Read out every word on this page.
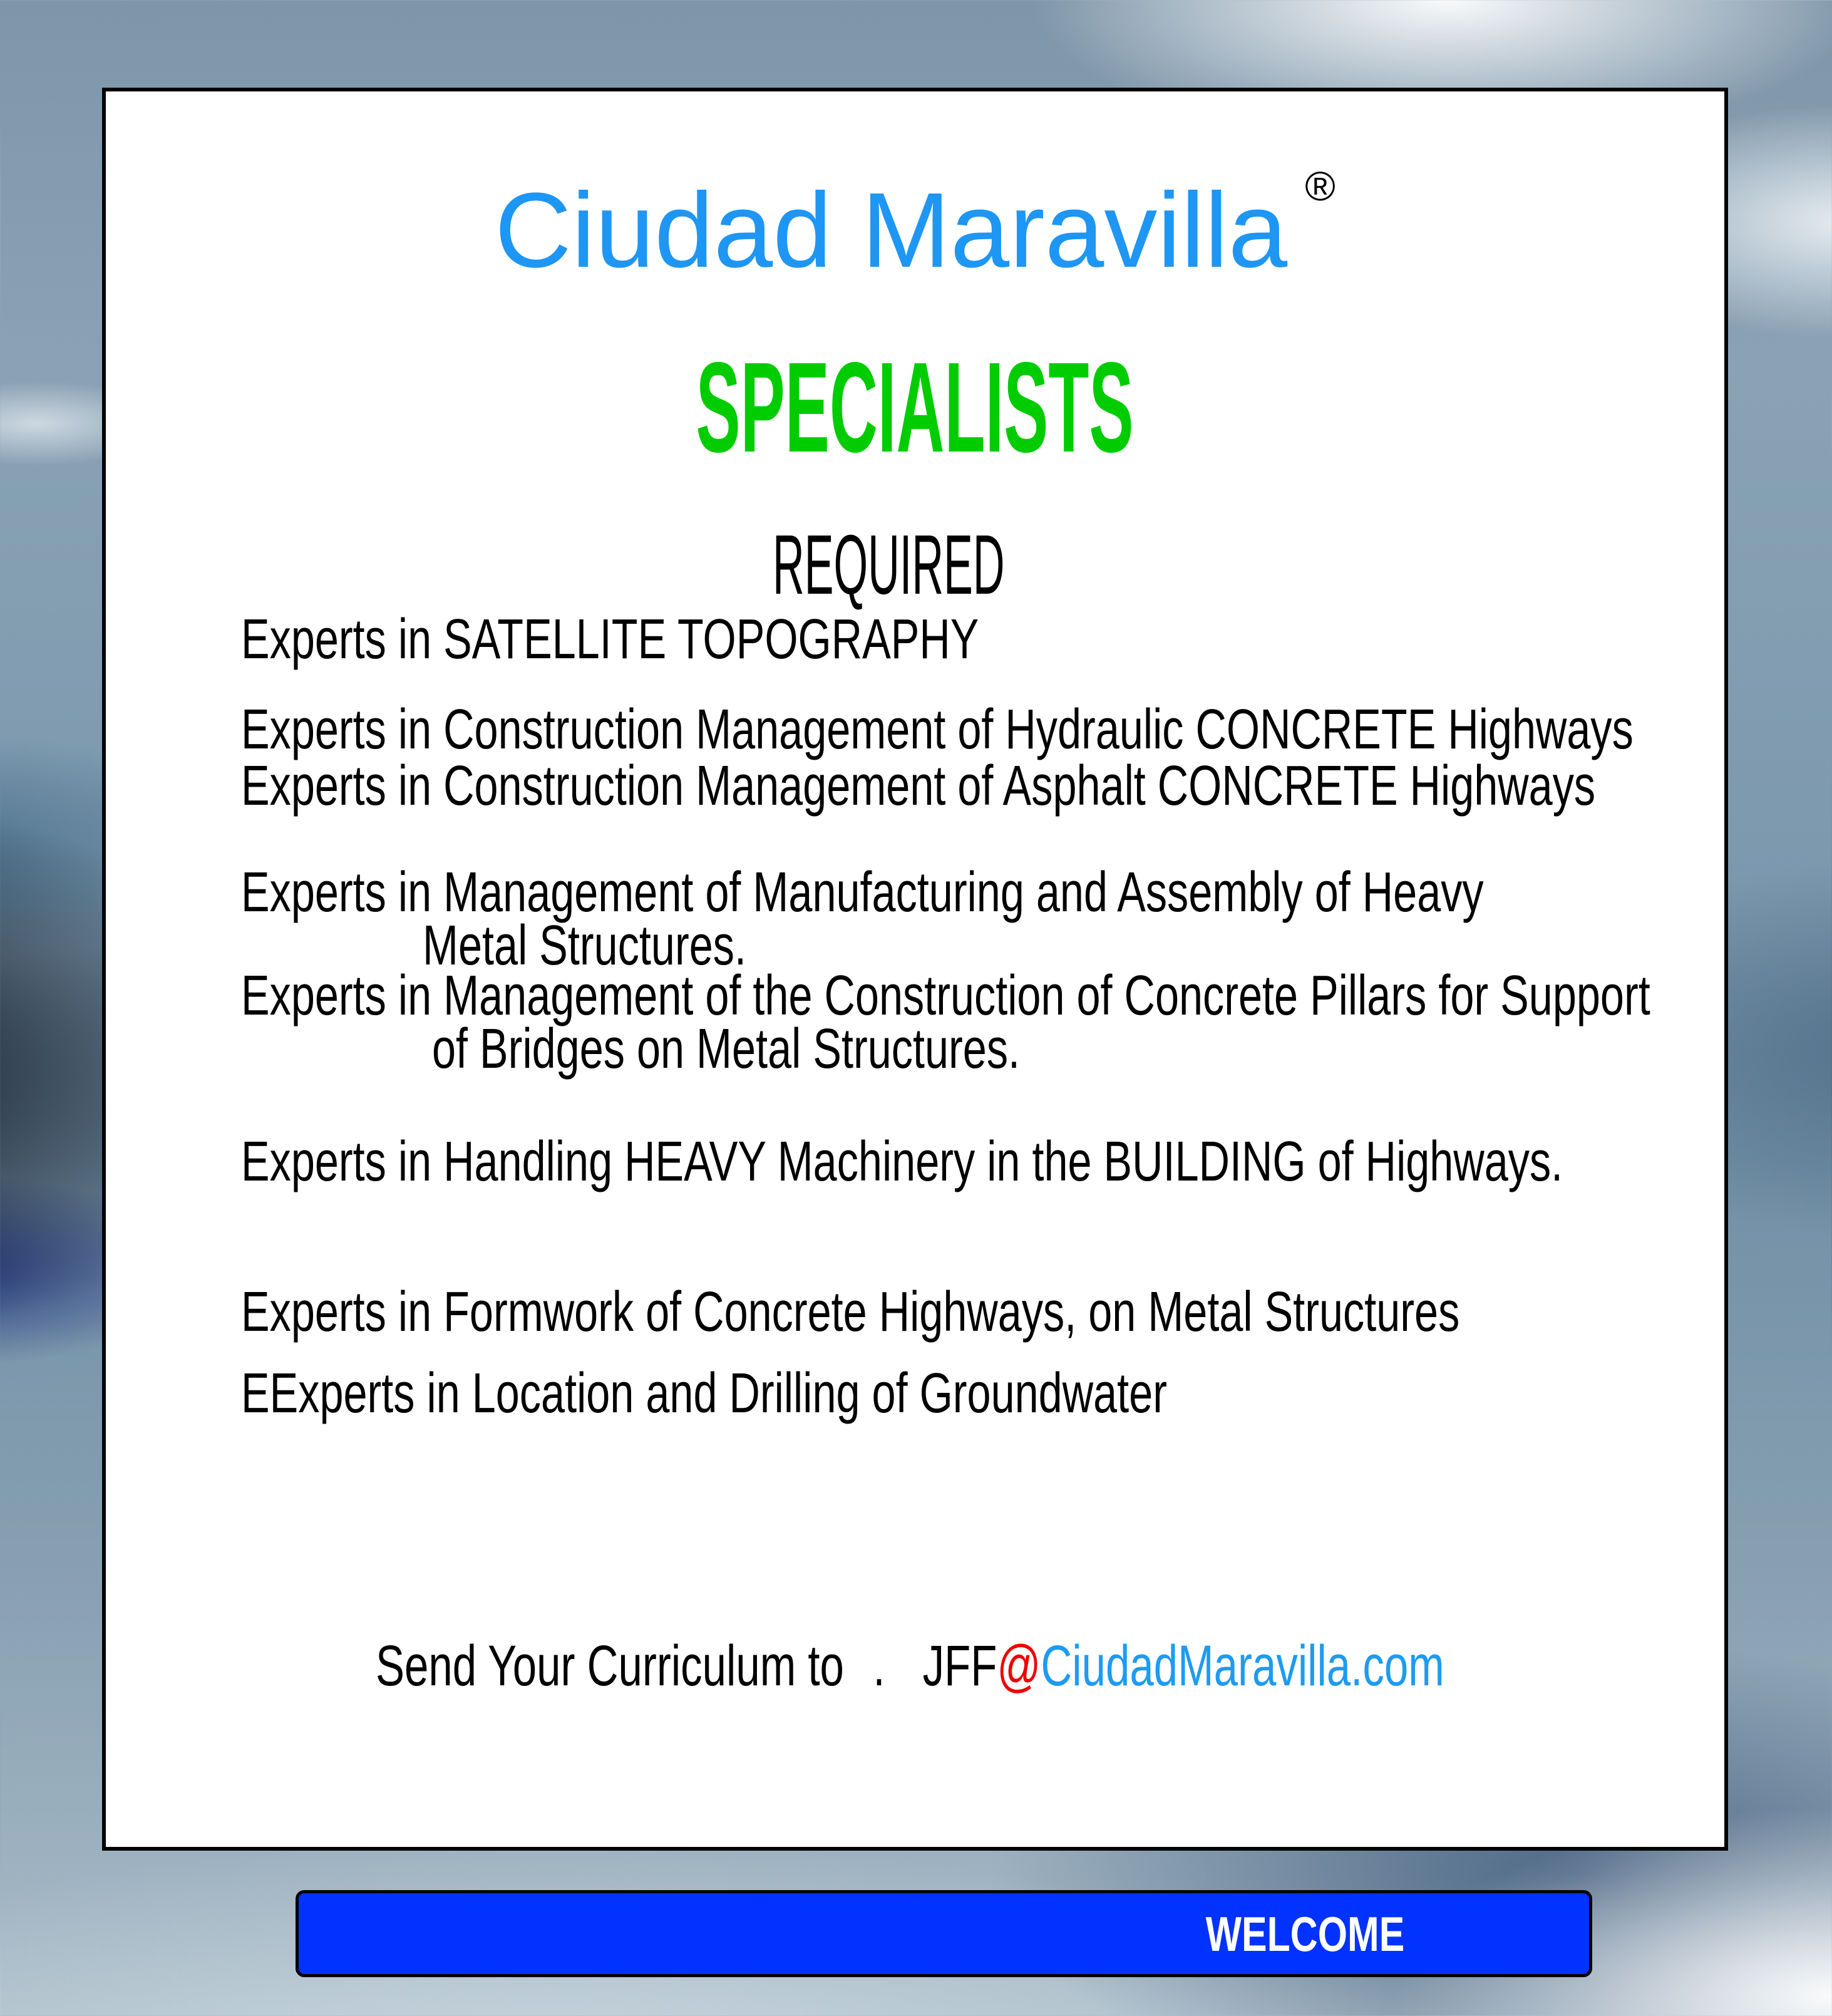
Ciudad Maravilla ®
SPECIALISTS
REQUIRED
Experts in SATELLITE TOPOGRAPHY
Experts in Construction Management of Hydraulic CONCRETE Highways
Experts in Construction Management of Asphalt CONCRETE Highways
Experts in Management of Manufacturing and Assembly of Heavy
Metal Structures.
Experts in Management of the Construction of Concrete Pillars for Support
of Bridges on Metal Structures.
Experts in Handling HEAVY Machinery in the BUILDING of Highways.
Experts in Formwork of Concrete Highways, on Metal Structures
EExperts in Location and Drilling of Groundwater

Send Your Curriculum to . JFF@CiudadMaravilla.com

WELCOME
